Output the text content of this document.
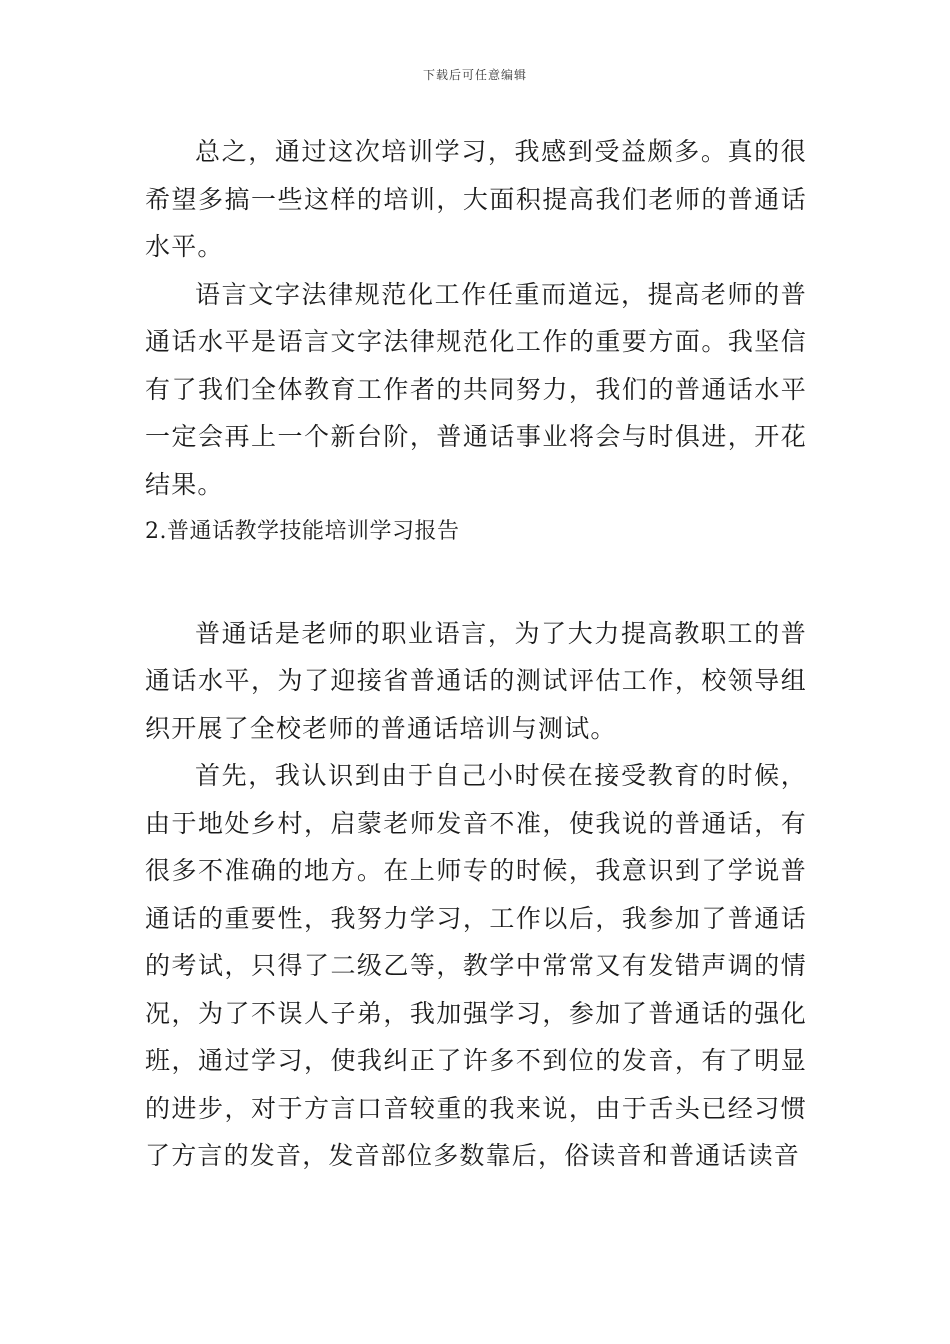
下载后可任意编辑

总之，通过这次培训学习，我感到受益颇多。真的很希望多搞一些这样的培训，大面积提高我们老师的普通话水平。

语言文字法律规范化工作任重而道远，提高老师的普通话水平是语言文字法律规范化工作的重要方面。我坚信有了我们全体教育工作者的共同努力，我们的普通话水平一定会再上一个新台阶，普通话事业将会与时俱进，开花结果。

2.普通话教学技能培训学习报告

普通话是老师的职业语言，为了大力提高教职工的普通话水平，为了迎接省普通话的测试评估工作，校领导组织开展了全校老师的普通话培训与测试。

首先，我认识到由于自己小时侯在接受教育的时候，由于地处乡村，启蒙老师发音不准，使我说的普通话，有很多不准确的地方。在上师专的时候，我意识到了学说普通话的重要性，我努力学习，工作以后，我参加了普通话的考试，只得了二级乙等，教学中常常又有发错声调的情况，为了不误人子弟，我加强学习，参加了普通话的强化班，通过学习，使我纠正了许多不到位的发音，有了明显的进步，对于方言口音较重的我来说，由于舌头已经习惯了方言的发音，发音部位多数靠后，俗读音和普通话读音
